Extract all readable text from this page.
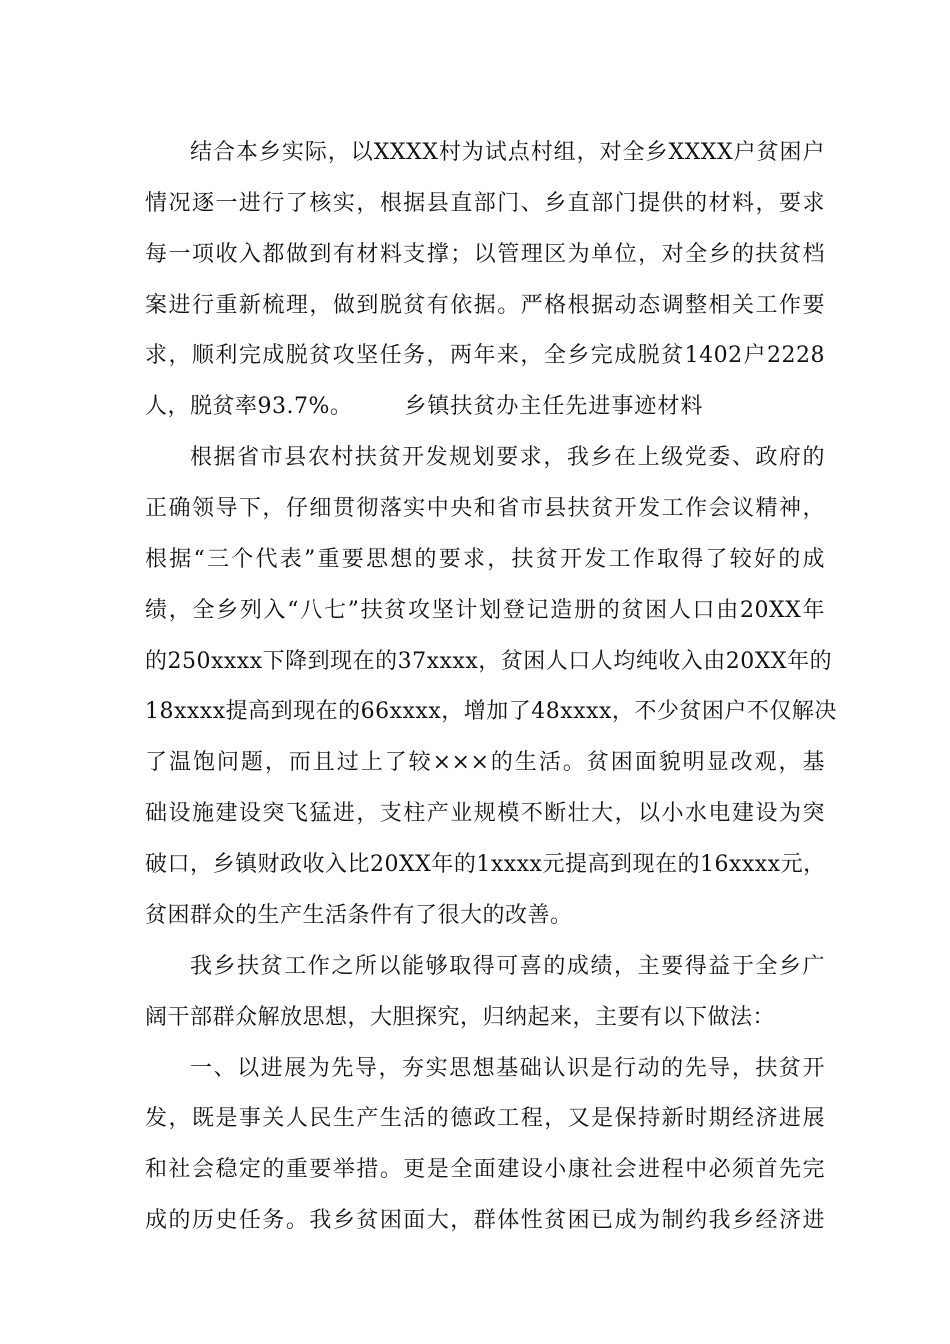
结合本乡实际，以XXXX村为试点村组，对全乡XXXX户贫困户
情况逐一进行了核实，根据县直部门、乡直部门提供的材料，要求
每一项收入都做到有材料支撑；以管理区为单位，对全乡的扶贫档
案进行重新梳理，做到脱贫有依据。严格根据动态调整相关工作要
求，顺利完成脱贫攻坚任务，两年来，全乡完成脱贫1402户2228
人，脱贫率93.7%。 乡镇扶贫办主任先进事迹材料
根据省市县农村扶贫开发规划要求，我乡在上级党委、政府的
正确领导下，仔细贯彻落实中央和省市县扶贫开发工作会议精神，
根据“三个代表”重要思想的要求，扶贫开发工作取得了较好的成
绩，全乡列入“八七”扶贫攻坚计划登记造册的贫困人口由20XX年
的250xxxx下降到现在的37xxxx，贫困人口人均纯收入由20XX年的
18xxxx提高到现在的66xxxx，增加了48xxxx，不少贫困户不仅解决
了温饱问题，而且过上了较×××的生活。贫困面貌明显改观，基
础设施建设突飞猛进，支柱产业规模不断壮大，以小水电建设为突
破口，乡镇财政收入比20XX年的1xxxx元提高到现在的16xxxx元，
贫困群众的生产生活条件有了很大的改善。
我乡扶贫工作之所以能够取得可喜的成绩，主要得益于全乡广
阔干部群众解放思想，大胆探究，归纳起来，主要有以下做法：
一、以进展为先导，夯实思想基础认识是行动的先导，扶贫开
发，既是事关人民生产生活的德政工程，又是保持新时期经济进展
和社会稳定的重要举措。更是全面建设小康社会进程中必须首先完
成的历史任务。我乡贫困面大，群体性贫困已成为制约我乡经济进
